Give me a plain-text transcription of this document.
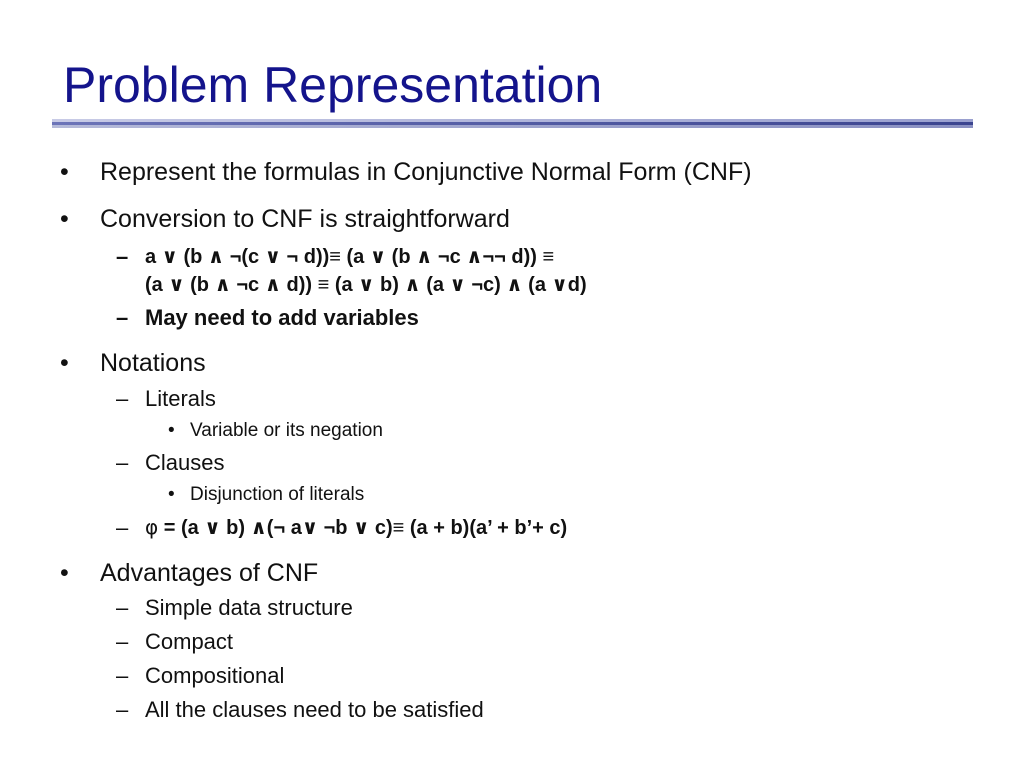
Problem Representation
• Represent the formulas in Conjunctive Normal Form (CNF)
• Conversion to CNF is straightforward
– a ∨ (b ∧ ¬(c ∨ ¬ d))≡ (a ∨ (b ∧ ¬c ∧¬¬ d)) ≡
(a ∨ (b ∧ ¬c ∧ d)) ≡ (a ∨ b) ∧ (a ∨ ¬c) ∧ (a ∨d)
– May need to add variables
• Notations
– Literals
• Variable or its negation
– Clauses
• Disjunction of literals
– φ = (a ∨ b) ∧(¬ a∨ ¬b ∨ c)≡ (a + b)(a’ + b’+ c)
• Advantages of CNF
– Simple data structure
– Compact
– Compositional
– All the clauses need to be satisfied
